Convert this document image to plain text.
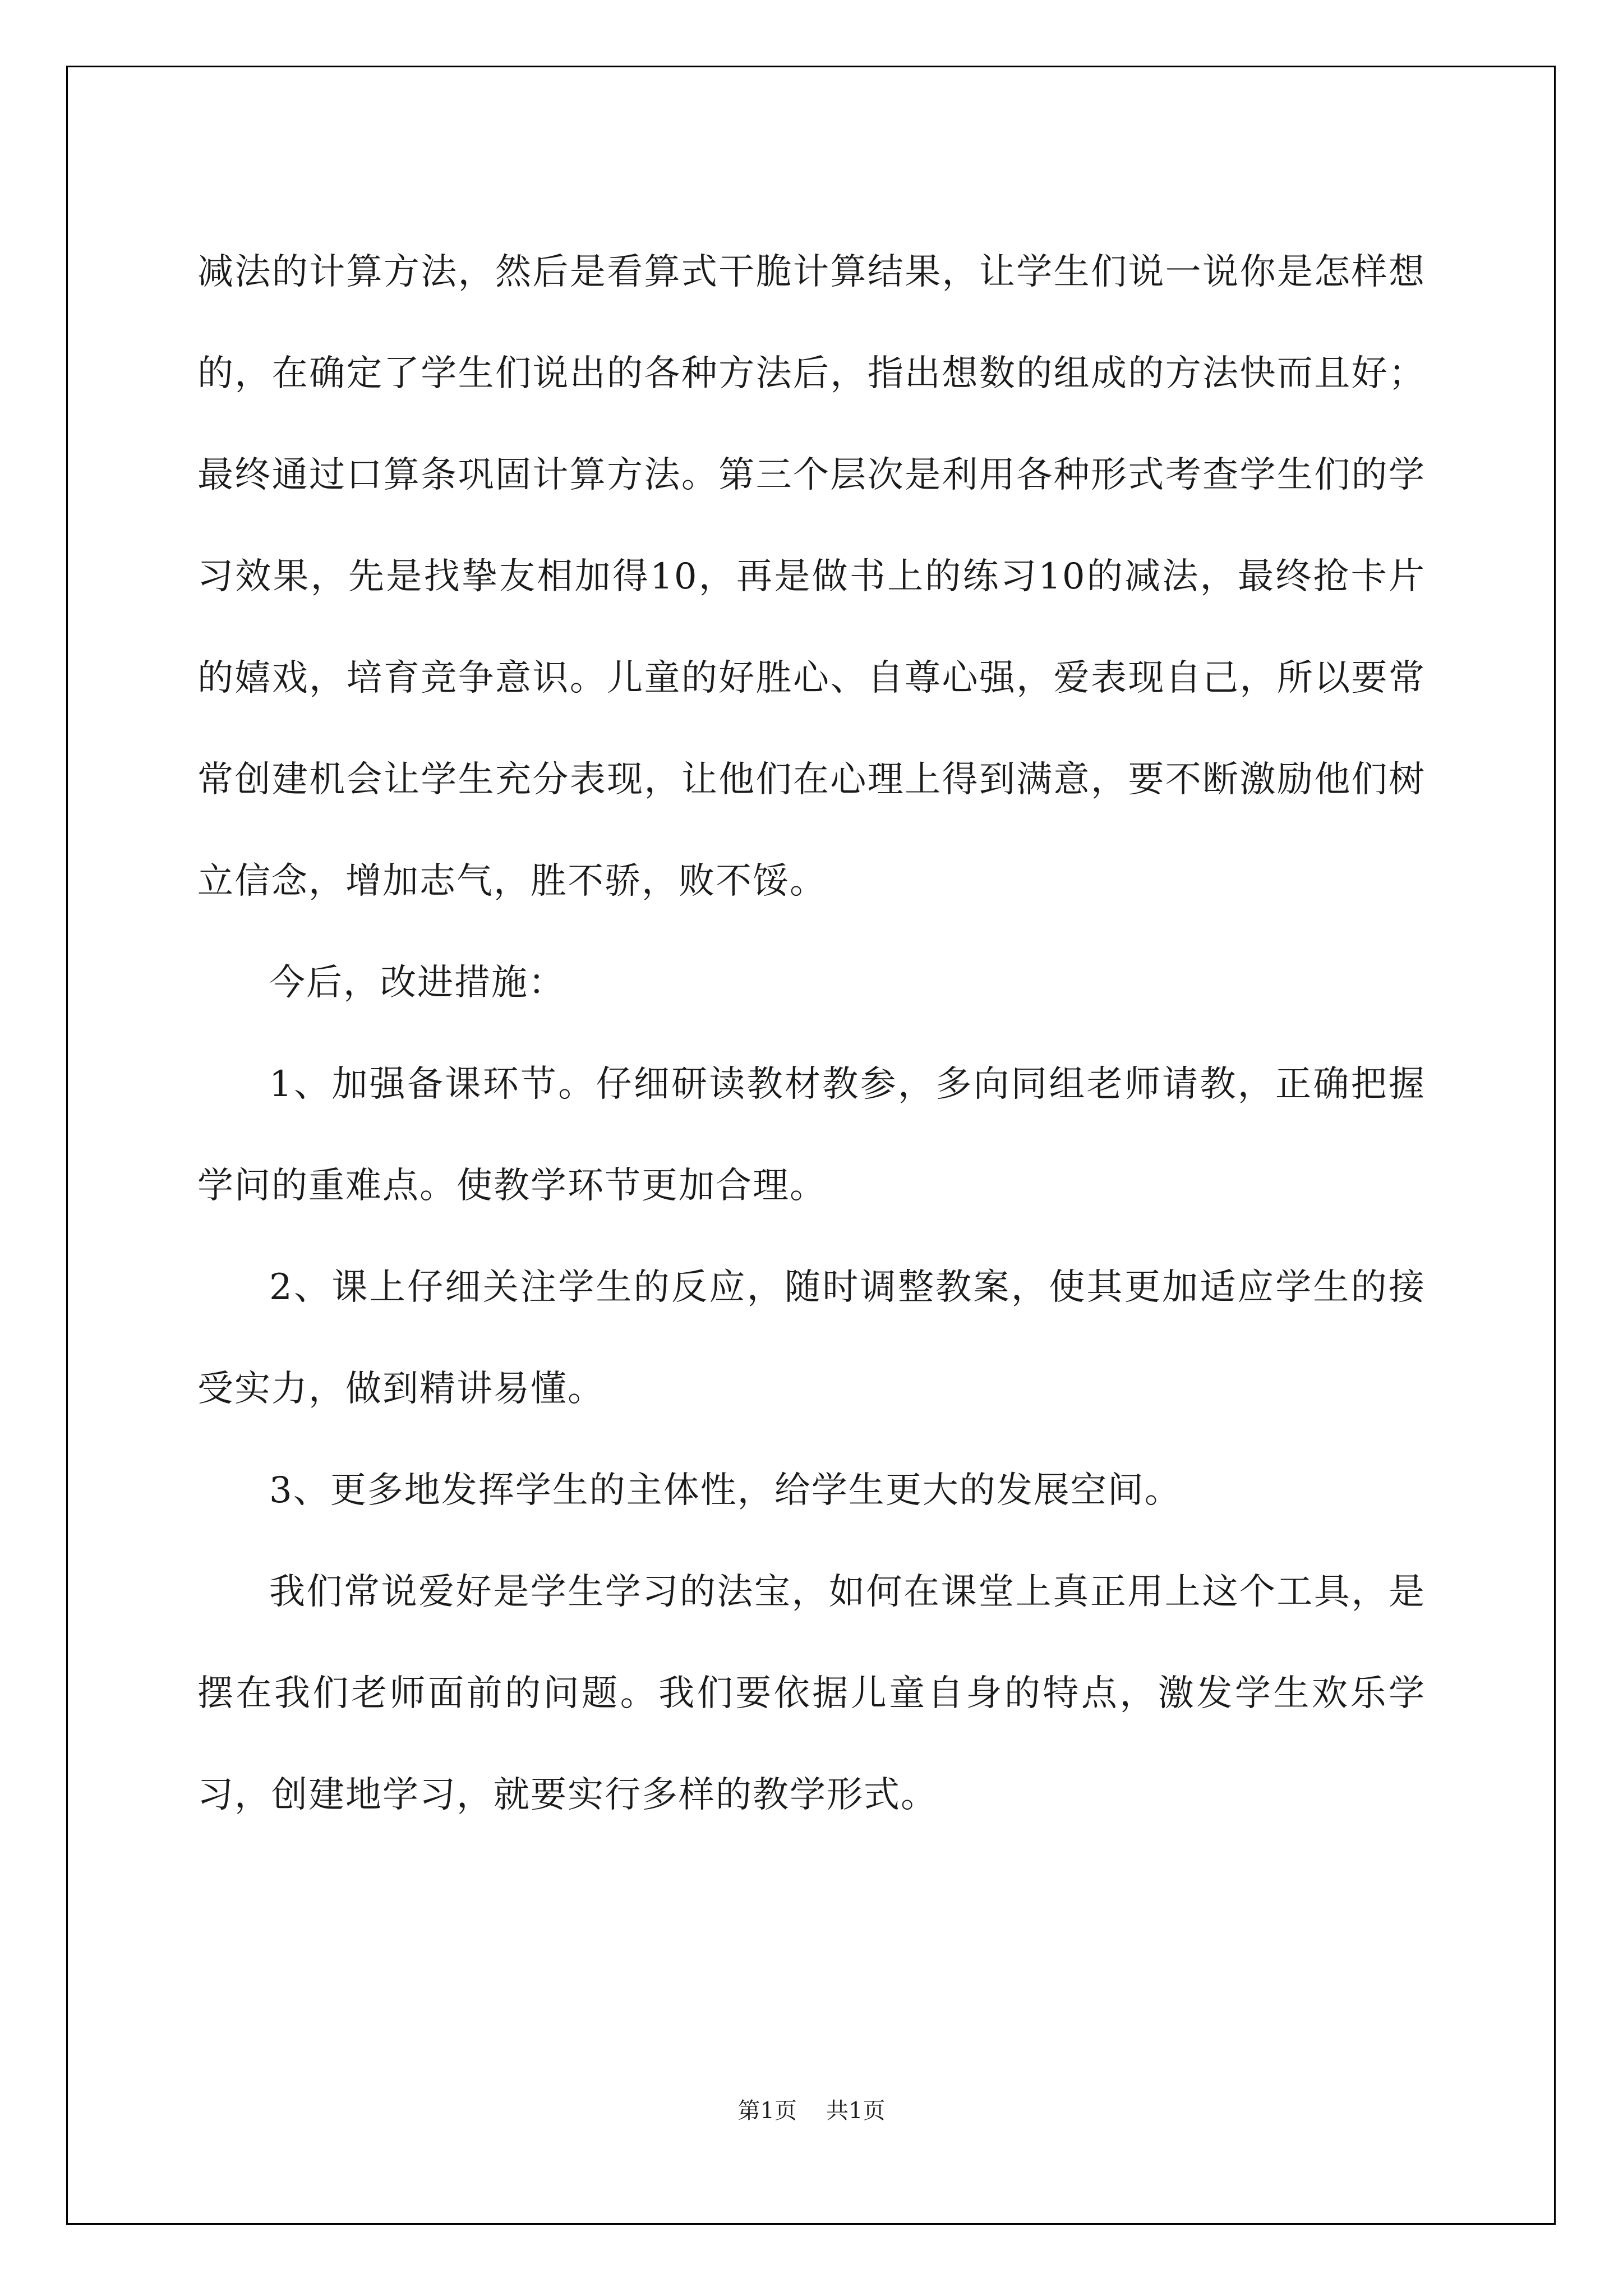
减法的计算方法，然后是看算式干脆计算结果，让学生们说一说你是怎样想的，在确定了学生们说出的各种方法后，指出想数的组成的方法快而且好；最终通过口算条巩固计算方法。第三个层次是利用各种形式考查学生们的学习效果，先是找挚友相加得10，再是做书上的练习10的减法，最终抢卡片的嬉戏，培育竞争意识。儿童的好胜心、自尊心强，爱表现自己，所以要常常创建机会让学生充分表现，让他们在心理上得到满意，要不断激励他们树立信念，增加志气，胜不骄，败不馁。

今后，改进措施：

1、加强备课环节。仔细研读教材教参，多向同组老师请教，正确把握学问的重难点。使教学环节更加合理。

2、课上仔细关注学生的反应，随时调整教案，使其更加适应学生的接受实力，做到精讲易懂。

3、更多地发挥学生的主体性，给学生更大的发展空间。

我们常说爱好是学生学习的法宝，如何在课堂上真正用上这个工具，是摆在我们老师面前的问题。我们要依据儿童自身的特点，激发学生欢乐学习，创建地学习，就要实行多样的教学形式。

第1页 共1页
